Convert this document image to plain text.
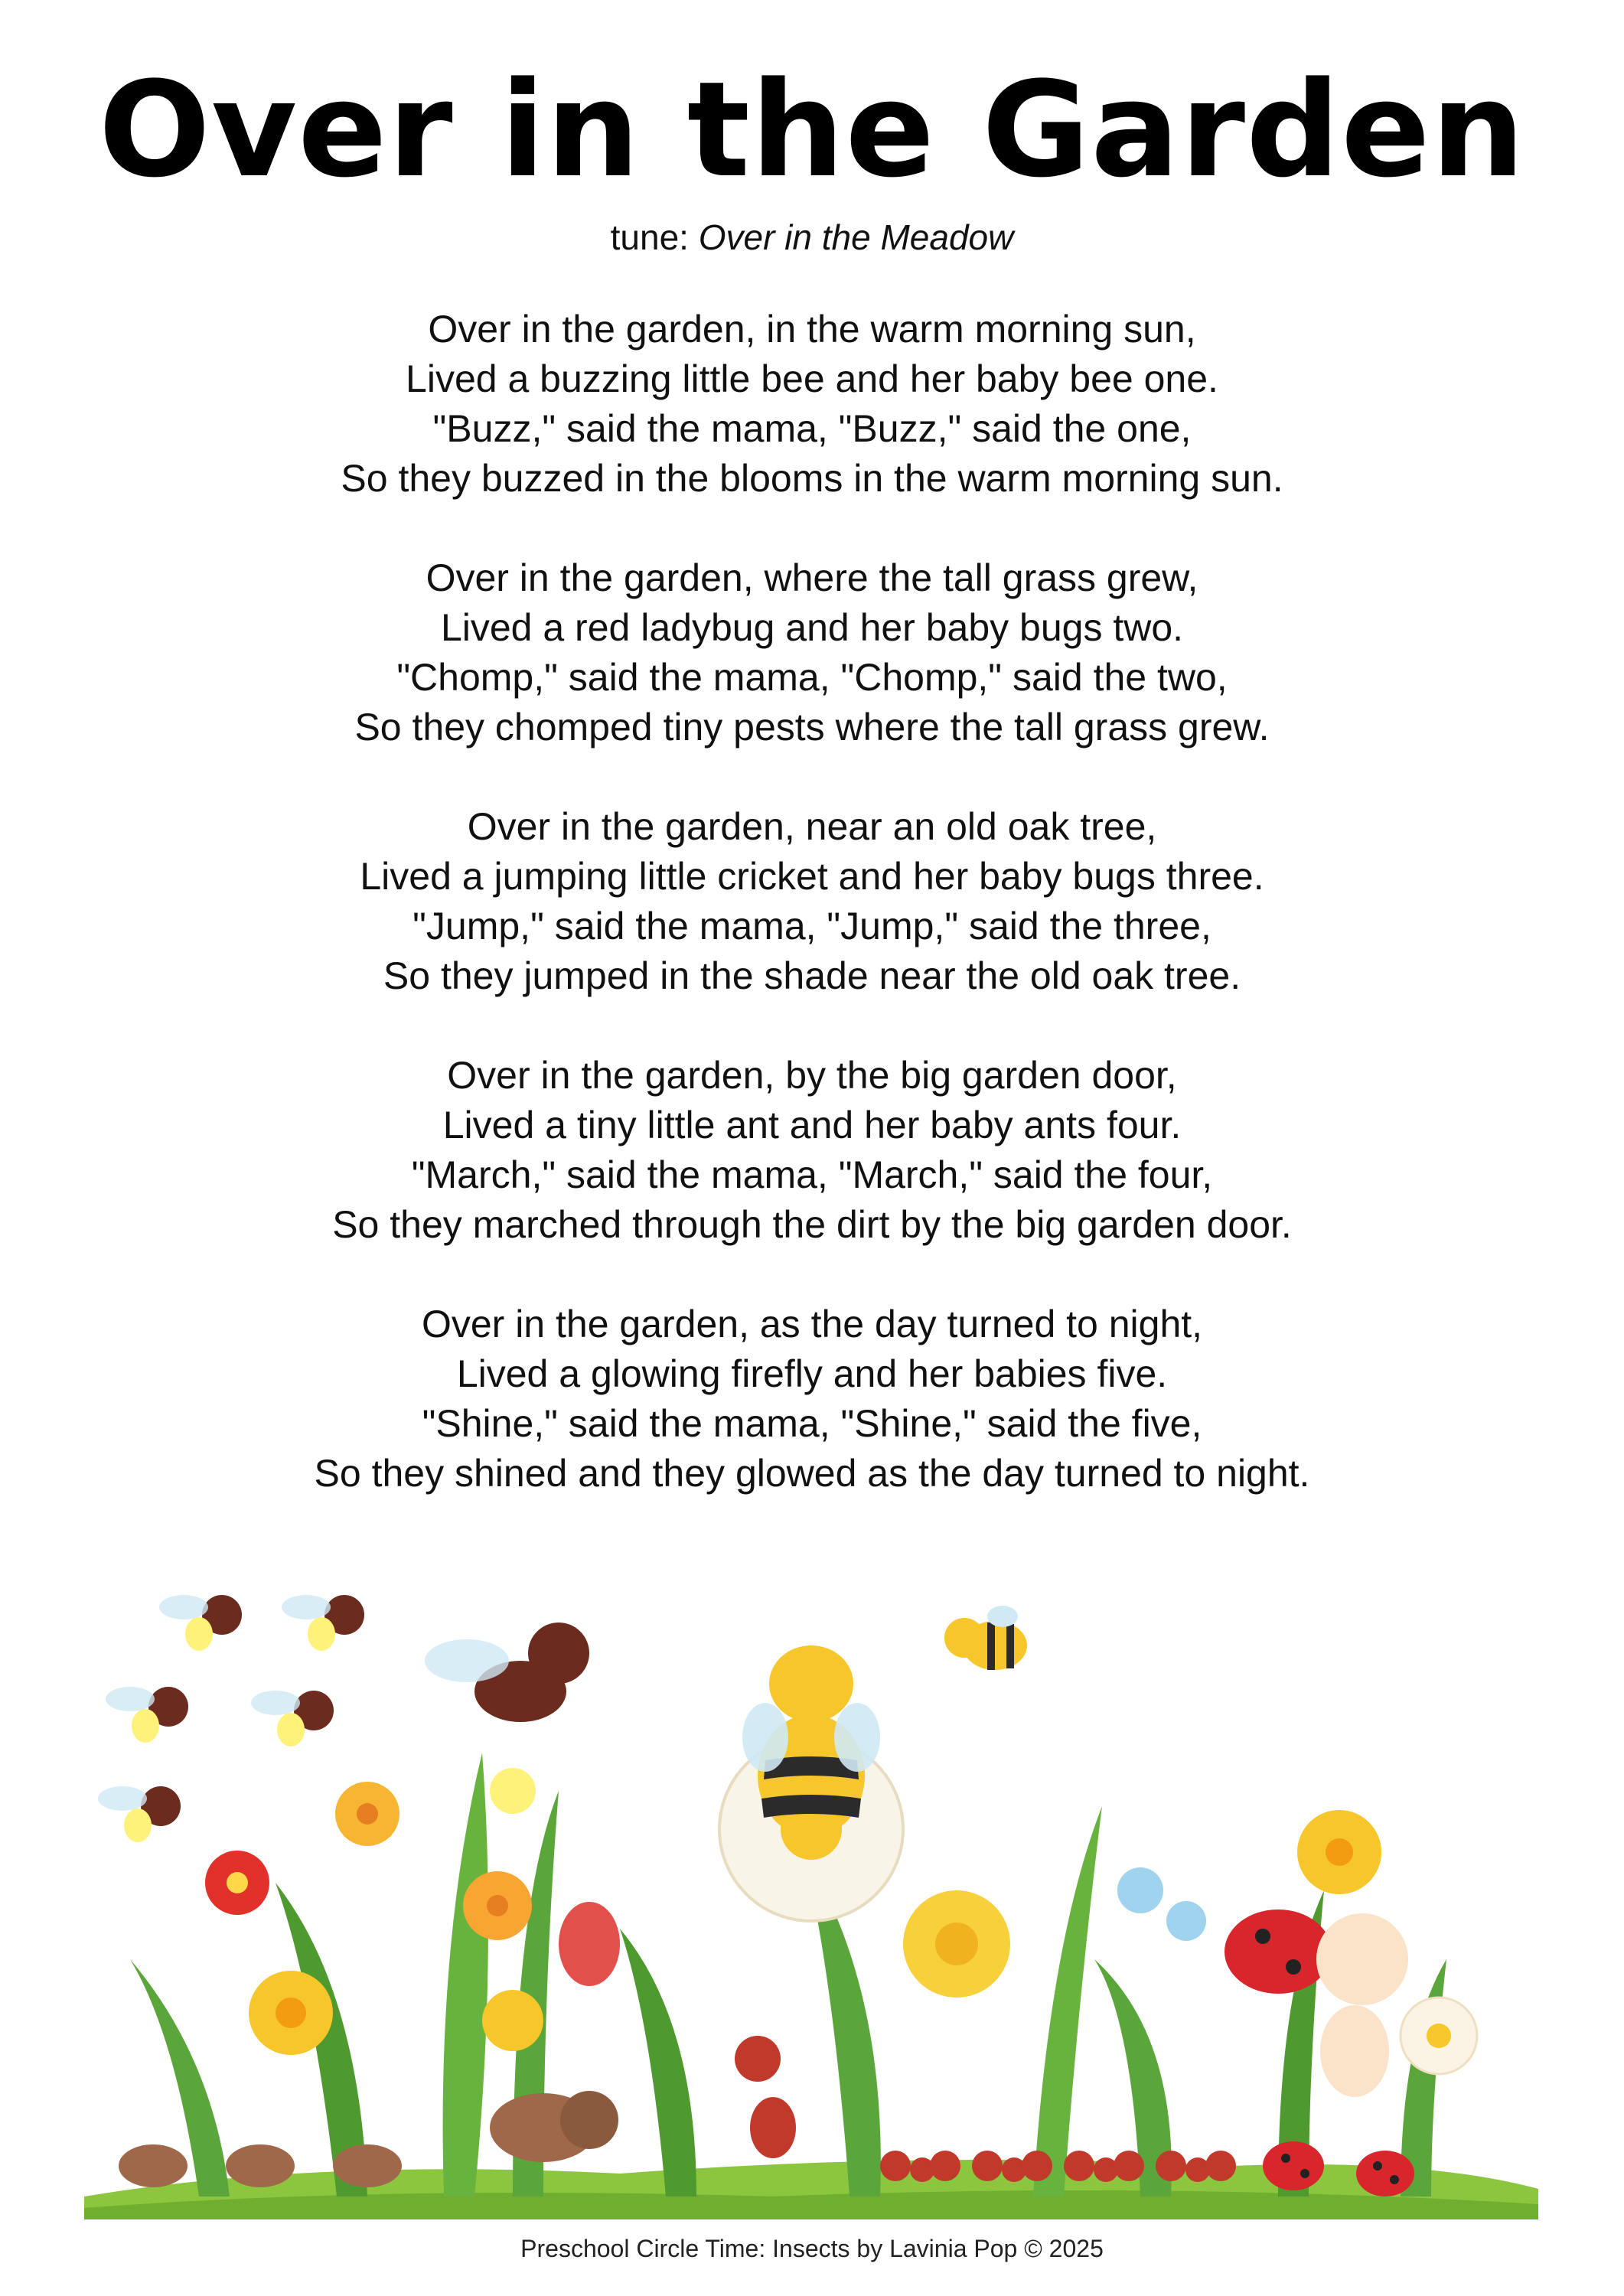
Over in the Garden
tune: Over in the Meadow
Over in the garden, in the warm morning sun,
Lived a buzzing little bee and her baby bee one.
"Buzz," said the mama, "Buzz," said the one,
So they buzzed in the blooms in the warm morning sun.
Over in the garden, where the tall grass grew,
Lived a red ladybug and her baby bugs two.
"Chomp," said the mama, "Chomp," said the two,
So they chomped tiny pests where the tall grass grew.
Over in the garden, near an old oak tree,
Lived a jumping little cricket and her baby bugs three.
"Jump," said the mama, "Jump," said the three,
So they jumped in the shade near the old oak tree.
Over in the garden, by the big garden door,
Lived a tiny little ant and her baby ants four.
"March," said the mama, "March," said the four,
So they marched through the dirt by the big garden door.
Over in the garden, as the day turned to night,
Lived a glowing firefly and her babies five.
"Shine," said the mama, "Shine," said the five,
So they shined and they glowed as the day turned to night.
Preschool Circle Time: Insects by Lavinia Pop © 2025
